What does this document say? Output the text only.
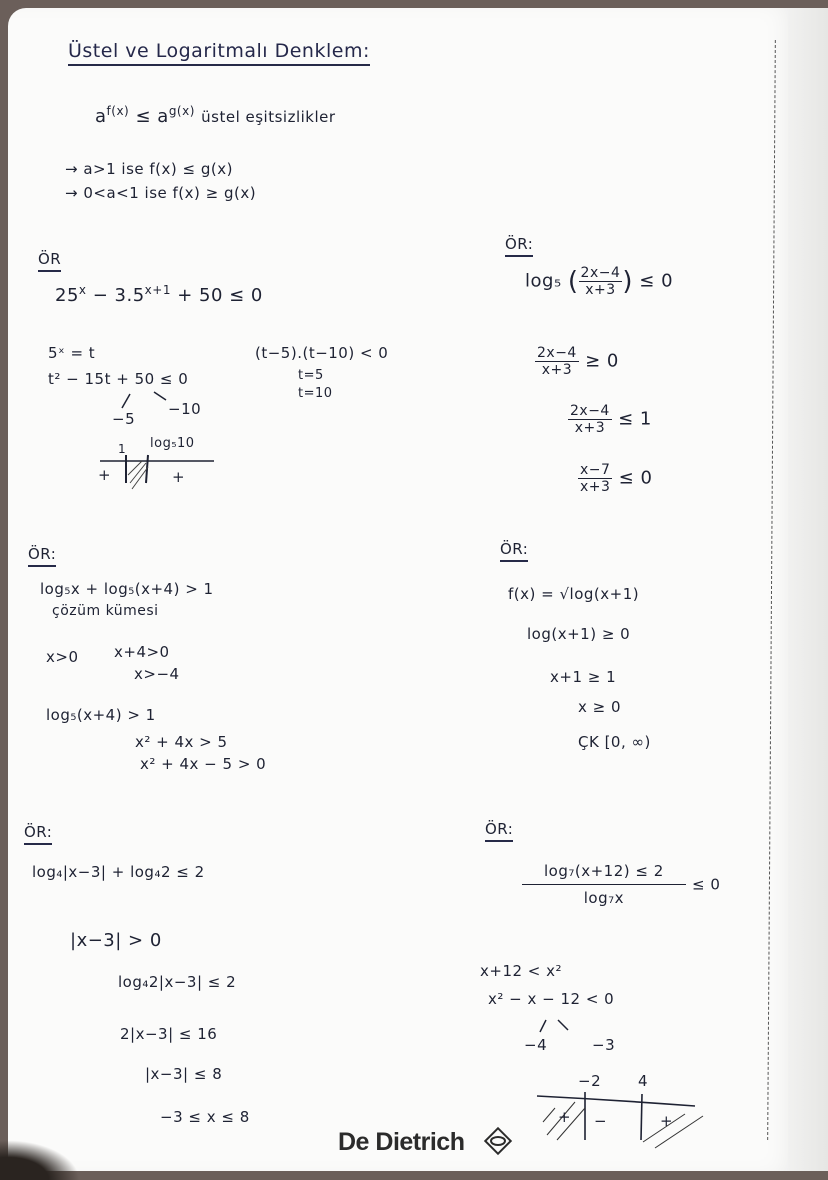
Üstel ve Logaritmalı Denklem:
$a^{f(x)} \le a^{g(x)}$ üstel eşitsizlikler
→ a>1 ise f(x) ≤ g(x)
→ 0<a<1 ise f(x) ≥ g(x)
ÖR
$25^x - 3.5^{x+1} + 50 \le 0$
5ˣ = t
t² − 15t + 50 ≤ 0
−5
−10
(t−5).(t−10) < 0
t=5
t=10
1 log₅10
+	+
ÖR:
log₅ ( $\frac{2x-4}{x+3}$ ) ≤ 0
$\frac{2x-4}{x+3} \ge 0$
$\frac{2x-4}{x+3} \le 1$
$\frac{x-7}{x+3} \le 0$
ÖR:
log₅x + log₅(x+4) > 1
çözüm kümesi
x>0 x+4>0
x>−4
log₅(x+4) > 1
x² + 4x > 5
x² + 4x − 5 > 0
ÖR:
f(x) = √log(x+1)
log(x+1) ≥ 0
x+1 ≥ 1
x ≥ 0
ÇK [0, ∞)
ÖR:
log₄|x−3| + log₄2 ≤ 2
|x−3| > 0
log₄2|x−3| ≤ 2
2|x−3| ≤ 16
|x−3| ≤ 8
−3 ≤ x ≤ 8
ÖR:
$\frac{\text{log₇(x+12) ≤ 2}}{\text{log₇x}} \le 0$
x+12 < x²
x² − x − 12 < 0
−4	−3
−2 4
+ −	+
De Dietrich
